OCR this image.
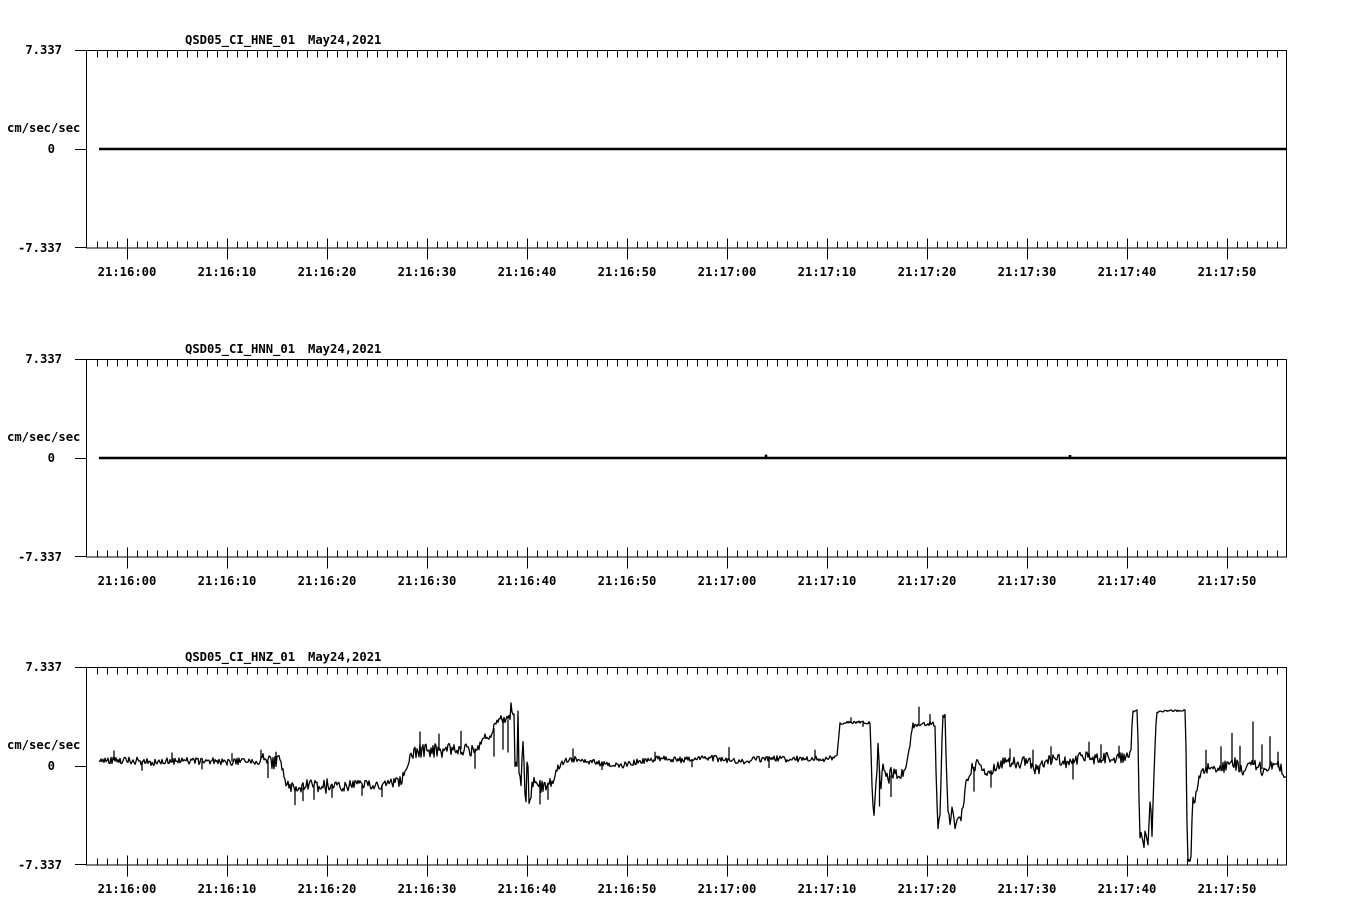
QSD05_CI_HNE_01 May24,2021
7.337
0
-7.337
cm/sec/sec
21:16:00	21:16:10	21:16:20	21:16:30	21:16:40	21:16:50	21:17:00	21:17:10	21:17:20	21:17:30	21:17:40	21:17:50
QSD05_CI_HNN_01 May24,2021
7.337
0
-7.337
cm/sec/sec
21:16:00	21:16:10	21:16:20	21:16:30	21:16:40	21:16:50	21:17:00	21:17:10	21:17:20	21:17:30	21:17:40	21:17:50
QSD05_CI_HNZ_01 May24,2021
7.337
0
-7.337
cm/sec/sec
21:16:00	21:16:10	21:16:20	21:16:30	21:16:40	21:16:50	21:17:00	21:17:10	21:17:20	21:17:30	21:17:40	21:17:50
